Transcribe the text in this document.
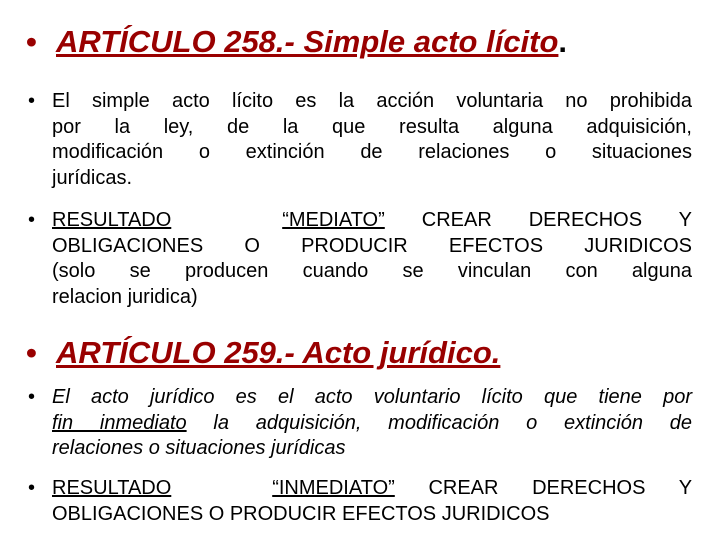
• ARTÍCULO 258.- Simple acto lícito.
• El simple acto lícito es la acción voluntaria no prohibida
por la ley, de la que resulta alguna adquisición,
modificación o extinción de relaciones o situaciones
jurídicas.
• RESULTADO	“MEDIATO” CREAR DERECHOS Y
OBLIGACIONES O PRODUCIR EFECTOS JURIDICOS
(solo se producen cuando se vinculan con alguna
relacion juridica)
• ARTÍCULO 259.- Acto jurídico.
• El acto jurídico es el acto voluntario lícito que tiene por
fin inmediato la adquisición, modificación o extinción de
relaciones o situaciones jurídicas
• RESULTADO	“INMEDIATO” CREAR DERECHOS Y
OBLIGACIONES O PRODUCIR EFECTOS JURIDICOS
